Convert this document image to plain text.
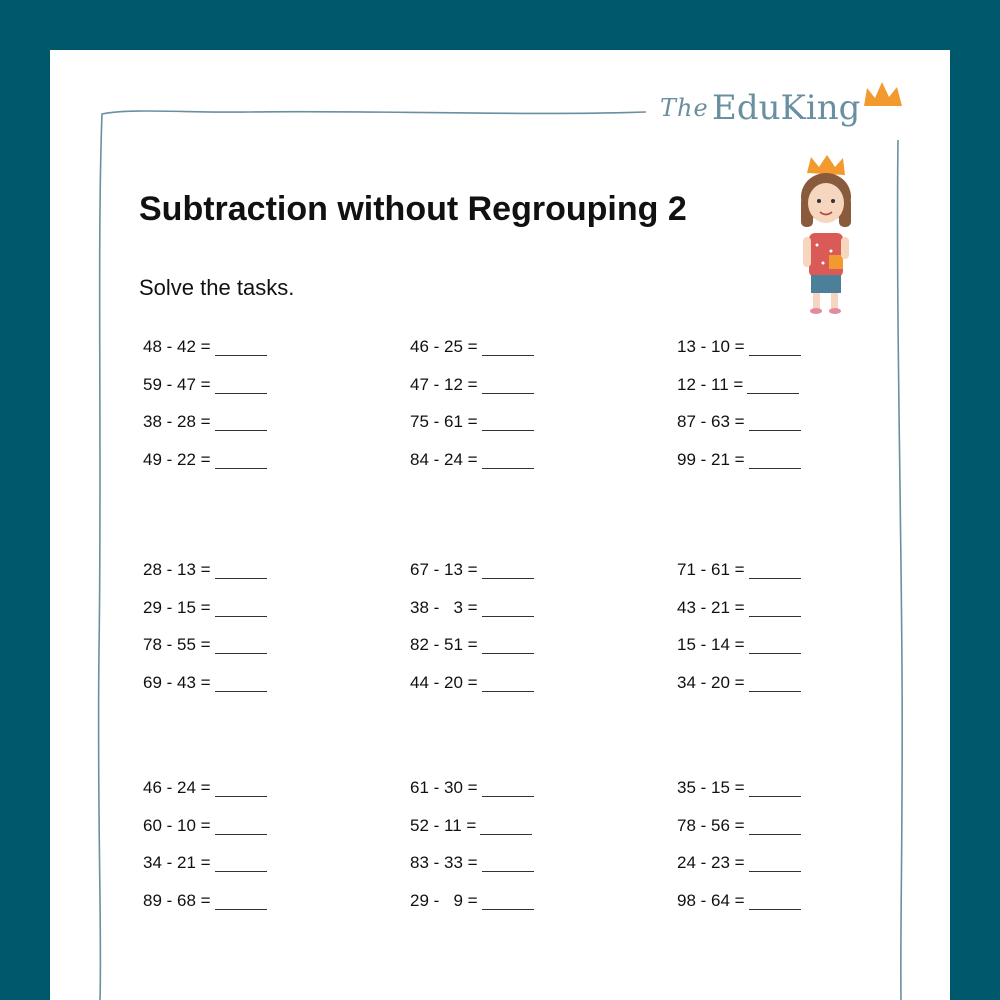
The EduKing
Subtraction without Regrouping 2
Solve the tasks.
48 - 42 =
59 - 47 =
38 - 28 =
49 - 22 =
46 - 25 =
47 - 12 =
75 - 61 =
84 - 24 =
13 - 10 =
12 - 11 =
87 - 63 =
99 - 21 =
28 - 13 =
29 - 15 =
78 - 55 =
69 - 43 =
67 - 13 =
38 -   3 =
82 - 51 =
44 - 20 =
71 - 61 =
43 - 21 =
15 - 14 =
34 - 20 =
46 - 24 =
60 - 10 =
34 - 21 =
89 - 68 =
61 - 30 =
52 - 11 =
83 - 33 =
29 -   9 =
35 - 15 =
78 - 56 =
24 - 23 =
98 - 64 =
